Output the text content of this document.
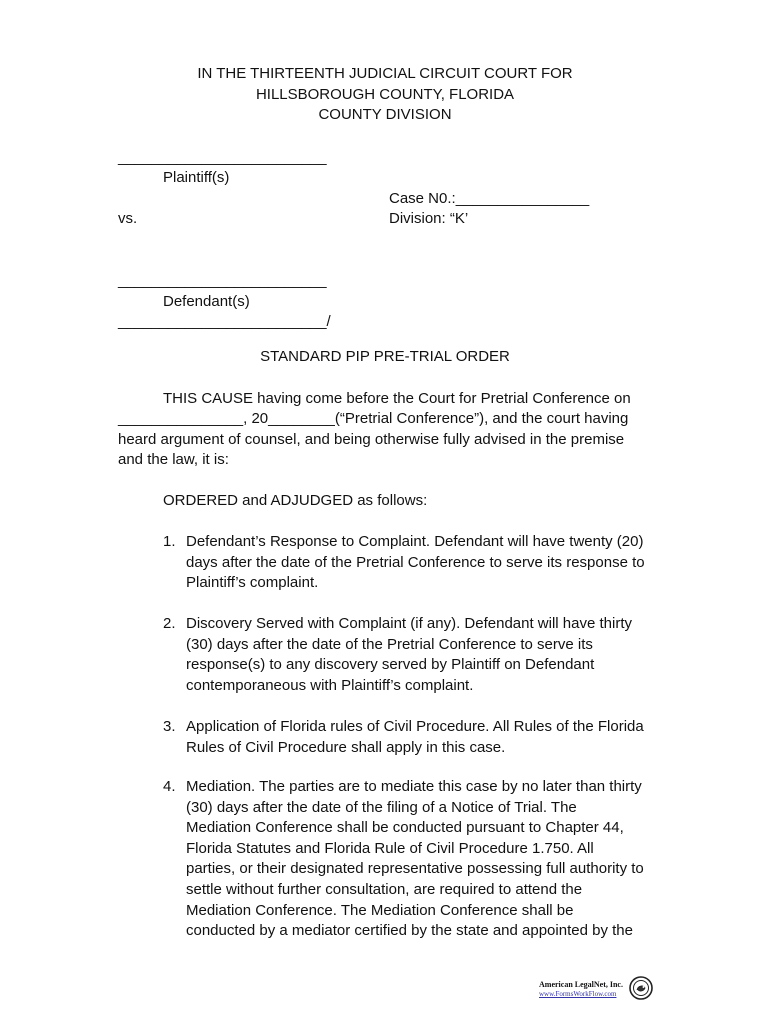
IN THE THIRTEENTH JUDICIAL CIRCUIT COURT FOR
HILLSBOROUGH COUNTY, FLORIDA
COUNTY DIVISION
_________________________
Plaintiff(s)
Case N0.:________________
vs.	Division: “K’
_________________________
Defendant(s)
_________________________/
STANDARD PIP PRE-TRIAL ORDER
THIS CAUSE having come before the Court for Pretrial Conference on
_______________, 20________(“Pretrial Conference”), and the court having
heard argument of counsel, and being otherwise fully advised in the premise
and the law, it is:
ORDERED and ADJUDGED as follows:
1. Defendant’s Response to Complaint. Defendant will have twenty (20)
days after the date of the Pretrial Conference to serve its response to
Plaintiff’s complaint.
2. Discovery Served with Complaint (if any). Defendant will have thirty
(30) days after the date of the Pretrial Conference to serve its
response(s) to any discovery served by Plaintiff on Defendant
contemporaneous with Plaintiff’s complaint.
3. Application of Florida rules of Civil Procedure. All Rules of the Florida
Rules of Civil Procedure shall apply in this case.
4. Mediation. The parties are to mediate this case by no later than thirty
(30) days after the date of the filing of a Notice of Trial. The
Mediation Conference shall be conducted pursuant to Chapter 44,
Florida Statutes and Florida Rule of Civil Procedure 1.750. All
parties, or their designated representative possessing full authority to
settle without further consultation, are required to attend the
Mediation Conference. The Mediation Conference shall be
conducted by a mediator certified by the state and appointed by the
American LegalNet, Inc.
www.FormsWorkFlow.com
